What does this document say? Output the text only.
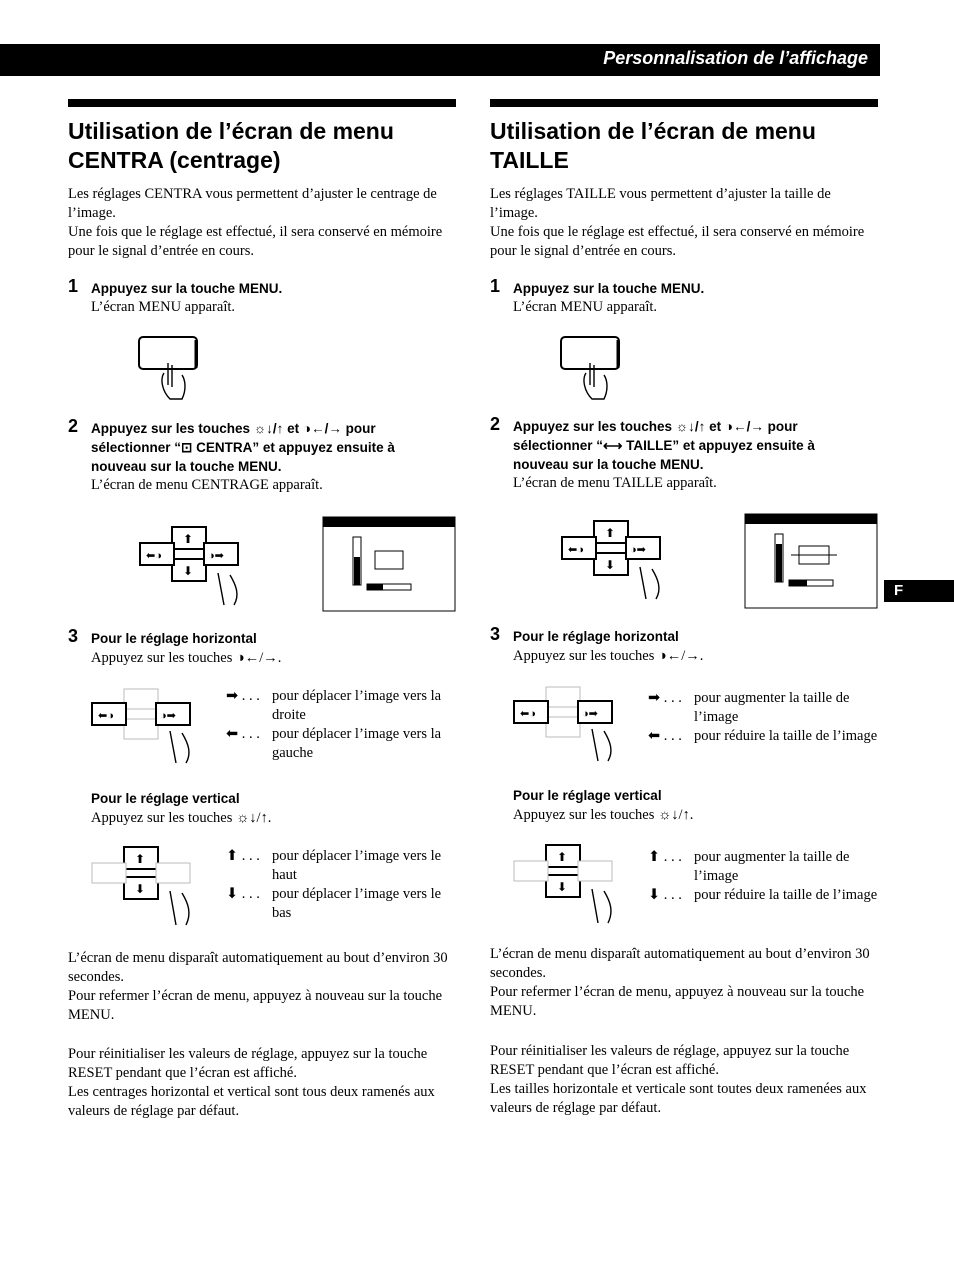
Personnalisation de l’affichage
F
Utilisation de l’écran de menu CENTRA (centrage)
Les réglages CENTRA vous permettent d’ajuster le centrage de l’image.
Une fois que le réglage est effectué, il sera conservé en mémoire pour le signal d’entrée en cours.
1 Appuyez sur la touche MENU.
L’écran MENU apparaît.
2 Appuyez sur les touches ☼↓/↑ et ◑←/→ pour sélectionner “⊡ CENTRA” et appuyez ensuite à nouveau sur la touche MENU.
L’écran de menu CENTRAGE apparaît.
⬆
⬇
⬅◑	◑➡
3 Pour le réglage horizontal
Appuyez sur les touches ◑←/→.
⬅◑	◑➡
➡ . . . pour déplacer l’image vers la droite
⬅ . . . pour déplacer l’image vers la gauche
Pour le réglage vertical
Appuyez sur les touches ☼↓/↑.
⬆
⬇
⬆ . . . pour déplacer l’image vers le haut
⬇ . . . pour déplacer l’image vers le bas
L’écran de menu disparaît automatiquement au bout d’environ 30 secondes.
Pour refermer l’écran de menu, appuyez à nouveau sur la touche MENU.
Pour réinitialiser les valeurs de réglage, appuyez sur la touche RESET pendant que l’écran est affiché.
Les centrages horizontal et vertical sont tous deux ramenés aux valeurs de réglage par défaut.
Utilisation de l’écran de menu TAILLE
Les réglages TAILLE vous permettent d’ajuster la taille de l’image.
Une fois que le réglage est effectué, il sera conservé en mémoire pour le signal d’entrée en cours.
1 Appuyez sur la touche MENU.
L’écran MENU apparaît.
2 Appuyez sur les touches ☼↓/↑ et ◑←/→ pour sélectionner “⟷ TAILLE” et appuyez ensuite à nouveau sur la touche MENU.
L’écran de menu TAILLE apparaît.
⬆
⬇
⬅◑	◑➡
3 Pour le réglage horizontal
Appuyez sur les touches ◑←/→.
⬅◑	◑➡
➡ . . . pour augmenter la taille de l’image
⬅ . . . pour réduire la taille de l’image
Pour le réglage vertical
Appuyez sur les touches ☼↓/↑.
⬆
⬇
⬆ . . . pour augmenter la taille de l’image
⬇ . . . pour réduire la taille de l’image
L’écran de menu disparaît automatiquement au bout d’environ 30 secondes.
Pour refermer l’écran de menu, appuyez à nouveau sur la touche MENU.
Pour réinitialiser les valeurs de réglage, appuyez sur la touche RESET pendant que l’écran est affiché.
Les tailles horizontale et verticale sont toutes deux ramenées aux valeurs de réglage par défaut.
